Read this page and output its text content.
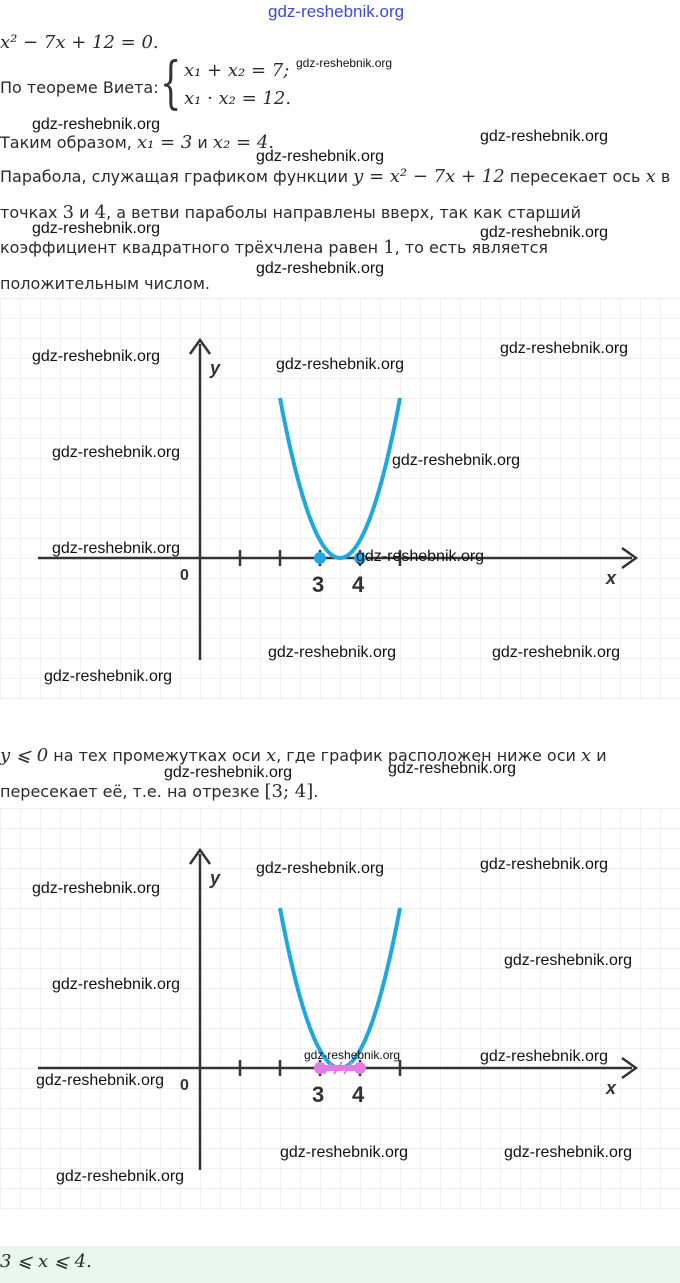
gdz-reshebnik.org
x² − 7x + 12 = 0.
По теореме Виета: { x₁ + x₂ = 7;
x₁ · x₂ = 12.
Таким образом, x₁ = 3 и x₂ = 4.
Парабола, служащая графиком функции y = x² − 7x + 12 пересекает ось x в
точках 3 и 4, а ветви параболы направлены вверх, так как старший
коэффициент квадратного трёхчлена равен 1, то есть является
положительным числом.
y
x
0	3 4
y ⩽ 0 на тех промежутках оси x, где график расположен ниже оси x и
пересекает её, т.е. на отрезке [3; 4].
y
x
0	3 4
3 ⩽ x ⩽ 4.
gdz-reshebnik.org
gdz-reshebnik.org
gdz-reshebnik.org
gdz-reshebnik.org
gdz-reshebnik.org	gdz-reshebnik.org
gdz-reshebnik.org
gdz-reshebnik.org	gdz-reshebnik.org
gdz-reshebnik.org
gdz-reshebnik.org	gdz-reshebnik.org
gdz-reshebnik.org	gdz-reshebnik.org
gdz-reshebnik.org	gdz-reshebnik.org
gdz-reshebnik.org
gdz-reshebnik.org	gdz-reshebnik.org
gdz-reshebnik.org	gdz-reshebnik.org
gdz-reshebnik.org
gdz-reshebnik.org
gdz-reshebnik.org
gdz-reshebnik.org	gdz-reshebnik.org
gdz-reshebnik.org
gdz-reshebnik.org	gdz-reshebnik.org
gdz-reshebnik.org
